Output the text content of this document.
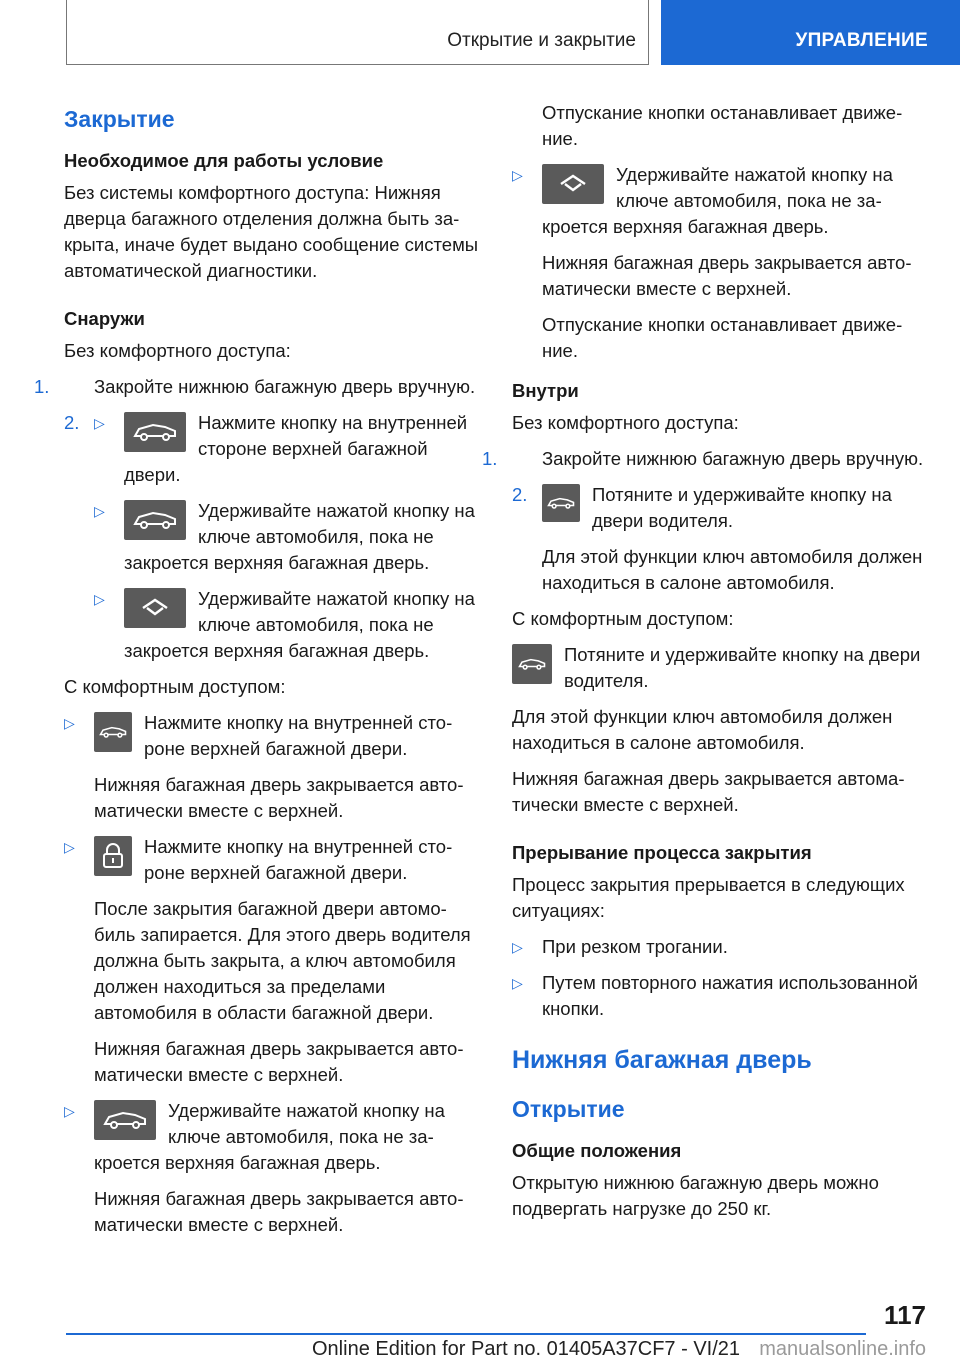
Открытие и закрытие	УПРАВЛЕНИЕ
Закрытие
Необходимое для работы условие

Без системы комфортного доступа: Нижняя дверца багажного отделения должна быть закрыта, иначе будет выдано сообщение системы автоматической диагностики.

Снаружи

Без комфортного доступа:

1. Закройте нижнюю багажную дверь вручную.
2.	▷	Нажмите кнопку на внутренней стороне верхней багажной двери.
▷	Удерживайте нажатой кнопку на ключе автомобиля, пока не закроется верхняя багажная дверь.
▷	Удерживайте нажатой кнопку на ключе автомобиля, пока не закроется верхняя багажная дверь.

С комфортным доступом:

▷	Нажмите кнопку на внутренней стороне верхней багажной двери.

Нижняя багажная дверь закрывается автоматически вместе с верхней.

▷	Нажмите кнопку на внутренней стороне верхней багажной двери.

После закрытия багажной двери автомобиль запирается. Для этого дверь водителя должна быть закрыта, а ключ автомобиля должен находиться за пределами автомобиля в области багажной двери.

Нижняя багажная дверь закрывается автоматически вместе с верхней.

▷	Удерживайте нажатой кнопку на ключе автомобиля, пока не закроется верхняя багажная дверь.

Нижняя багажная дверь закрывается автоматически вместе с верхней.

Отпускание кнопки останавливает движение.

▷	Удерживайте нажатой кнопку на ключе автомобиля, пока не закроется верхняя багажная дверь.

Нижняя багажная дверь закрывается автоматически вместе с верхней.

Отпускание кнопки останавливает движение.

Внутри

Без комфортного доступа:

1. Закройте нижнюю багажную дверь вручную.
2.	Потяните и удерживайте кнопку на двери водителя.

Для этой функции ключ автомобиля должен находиться в салоне автомобиля.

С комфортным доступом:

Потяните и удерживайте кнопку на двери водителя.

Для этой функции ключ автомобиля должен находиться в салоне автомобиля.

Нижняя багажная дверь закрывается автоматически вместе с верхней.

Прерывание процесса закрытия

Процесс закрытия прерывается в следующих ситуациях:

▷ При резком трогании.
▷ Путем повторного нажатия использованной кнопки.
Нижняя багажная дверь
Открытие
Общие положения

Открытую нижнюю багажную дверь можно подвергать нагрузке до 250 кг.

117
Online Edition for Part no. 01405A37CF7 - VI/21 manualsonline.info
